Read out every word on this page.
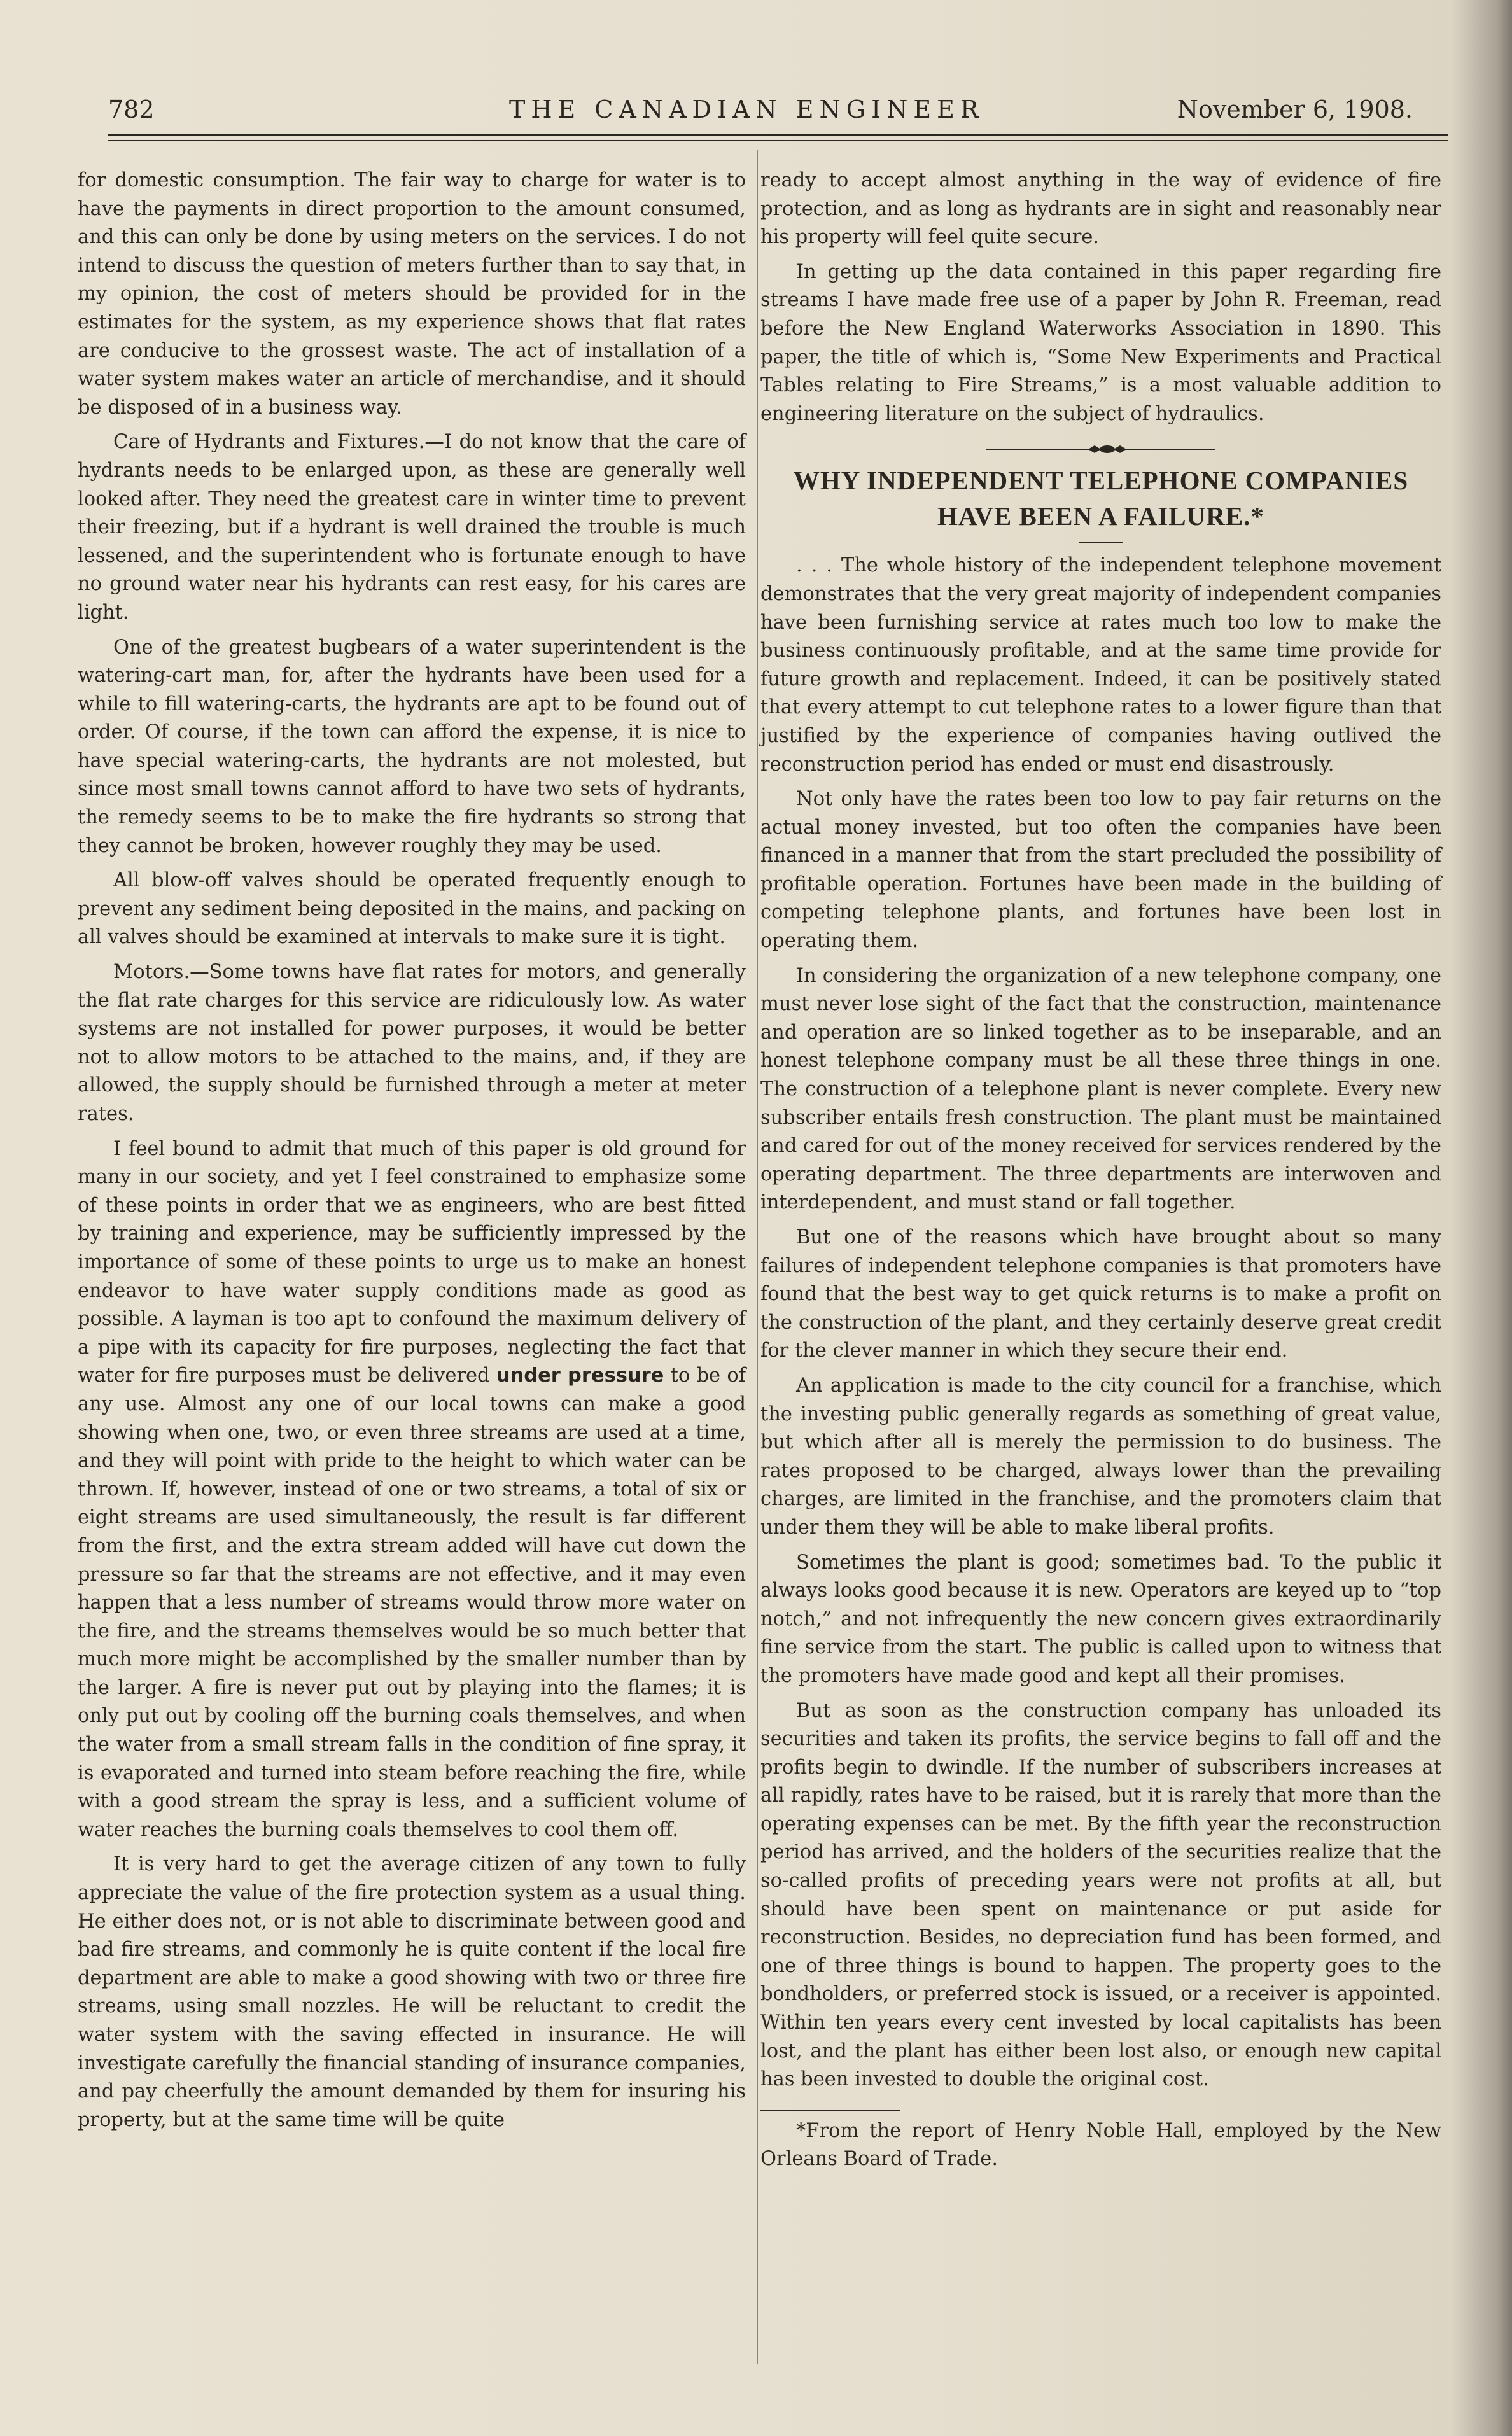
782	THE CANADIAN ENGINEER	November 6, 1908.

for domestic consumption. The fair way to charge for water is to have the payments in direct proportion to the amount consumed, and this can only be done by using meters on the services. I do not intend to discuss the question of meters further than to say that, in my opinion, the cost of meters should be provided for in the estimates for the system, as my experience shows that flat rates are conducive to the grossest waste. The act of installation of a water system makes water an article of merchandise, and it should be disposed of in a business way.

Care of Hydrants and Fixtures.—I do not know that the care of hydrants needs to be enlarged upon, as these are generally well looked after. They need the greatest care in winter time to prevent their freezing, but if a hydrant is well drained the trouble is much lessened, and the superintendent who is fortunate enough to have no ground water near his hydrants can rest easy, for his cares are light.

One of the greatest bugbears of a water superintendent is the watering-cart man, for, after the hydrants have been used for a while to fill watering-carts, the hydrants are apt to be found out of order. Of course, if the town can afford the expense, it is nice to have special watering-carts, the hydrants are not molested, but since most small towns cannot afford to have two sets of hydrants, the remedy seems to be to make the fire hydrants so strong that they cannot be broken, however roughly they may be used.

All blow-off valves should be operated frequently enough to prevent any sediment being deposited in the mains, and packing on all valves should be examined at intervals to make sure it is tight.

Motors.—Some towns have flat rates for motors, and generally the flat rate charges for this service are ridiculously low. As water systems are not installed for power purposes, it would be better not to allow motors to be attached to the mains, and, if they are allowed, the supply should be furnished through a meter at meter rates.

I feel bound to admit that much of this paper is old ground for many in our society, and yet I feel constrained to emphasize some of these points in order that we as engineers, who are best fitted by training and experience, may be sufficiently impressed by the importance of some of these points to urge us to make an honest endeavor to have water supply conditions made as good as possible. A layman is too apt to confound the maximum delivery of a pipe with its capacity for fire purposes, neglecting the fact that water for fire purposes must be delivered under pressure to be of any use. Almost any one of our local towns can make a good showing when one, two, or even three streams are used at a time, and they will point with pride to the height to which water can be thrown. If, however, instead of one or two streams, a total of six or eight streams are used simultaneously, the result is far different from the first, and the extra stream added will have cut down the pressure so far that the streams are not effective, and it may even happen that a less number of streams would throw more water on the fire, and the streams themselves would be so much better that much more might be accomplished by the smaller number than by the larger. A fire is never put out by playing into the flames; it is only put out by cooling off the burning coals themselves, and when the water from a small stream falls in the condition of fine spray, it is evaporated and turned into steam before reaching the fire, while with a good stream the spray is less, and a sufficient volume of water reaches the burning coals themselves to cool them off.

It is very hard to get the average citizen of any town to fully appreciate the value of the fire protection system as a usual thing. He either does not, or is not able to discriminate between good and bad fire streams, and commonly he is quite content if the local fire department are able to make a good showing with two or three fire streams, using small nozzles. He will be reluctant to credit the water system with the saving effected in insurance. He will investigate carefully the financial standing of insurance companies, and pay cheerfully the amount demanded by them for insuring his property, but at the same time will be quite

ready to accept almost anything in the way of evidence of fire protection, and as long as hydrants are in sight and reasonably near his property will feel quite secure.

In getting up the data contained in this paper regarding fire streams I have made free use of a paper by John R. Freeman, read before the New England Waterworks Association in 1890. This paper, the title of which is, “Some New Experiments and Practical Tables relating to Fire Streams,” is a most valuable addition to engineering literature on the subject of hydraulics.

WHY INDEPENDENT TELEPHONE COMPANIES HAVE BEEN A FAILURE.*

. . . The whole history of the independent telephone movement demonstrates that the very great majority of independent companies have been furnishing service at rates much too low to make the business continuously profitable, and at the same time provide for future growth and replacement. Indeed, it can be positively stated that every attempt to cut telephone rates to a lower figure than that justified by the experience of companies having outlived the reconstruction period has ended or must end disastrously.

Not only have the rates been too low to pay fair returns on the actual money invested, but too often the companies have been financed in a manner that from the start precluded the possibility of profitable operation. Fortunes have been made in the building of competing telephone plants, and fortunes have been lost in operating them.

In considering the organization of a new telephone company, one must never lose sight of the fact that the construction, maintenance and operation are so linked together as to be inseparable, and an honest telephone company must be all these three things in one. The construction of a telephone plant is never complete. Every new subscriber entails fresh construction. The plant must be maintained and cared for out of the money received for services rendered by the operating department. The three departments are interwoven and interdependent, and must stand or fall together.

But one of the reasons which have brought about so many failures of independent telephone companies is that promoters have found that the best way to get quick returns is to make a profit on the construction of the plant, and they certainly deserve great credit for the clever manner in which they secure their end.

An application is made to the city council for a franchise, which the investing public generally regards as something of great value, but which after all is merely the permission to do business. The rates proposed to be charged, always lower than the prevailing charges, are limited in the franchise, and the promoters claim that under them they will be able to make liberal profits.

Sometimes the plant is good; sometimes bad. To the public it always looks good because it is new. Operators are keyed up to “top notch,” and not infrequently the new concern gives extraordinarily fine service from the start. The public is called upon to witness that the promoters have made good and kept all their promises.

But as soon as the construction company has unloaded its securities and taken its profits, the service begins to fall off and the profits begin to dwindle. If the number of subscribers increases at all rapidly, rates have to be raised, but it is rarely that more than the operating expenses can be met. By the fifth year the reconstruction period has arrived, and the holders of the securities realize that the so-called profits of preceding years were not profits at all, but should have been spent on maintenance or put aside for reconstruction. Besides, no depreciation fund has been formed, and one of three things is bound to happen. The property goes to the bondholders, or preferred stock is issued, or a receiver is appointed. Within ten years every cent invested by local capitalists has been lost, and the plant has either been lost also, or enough new capital has been invested to double the original cost.

*From the report of Henry Noble Hall, employed by the New Orleans Board of Trade.
